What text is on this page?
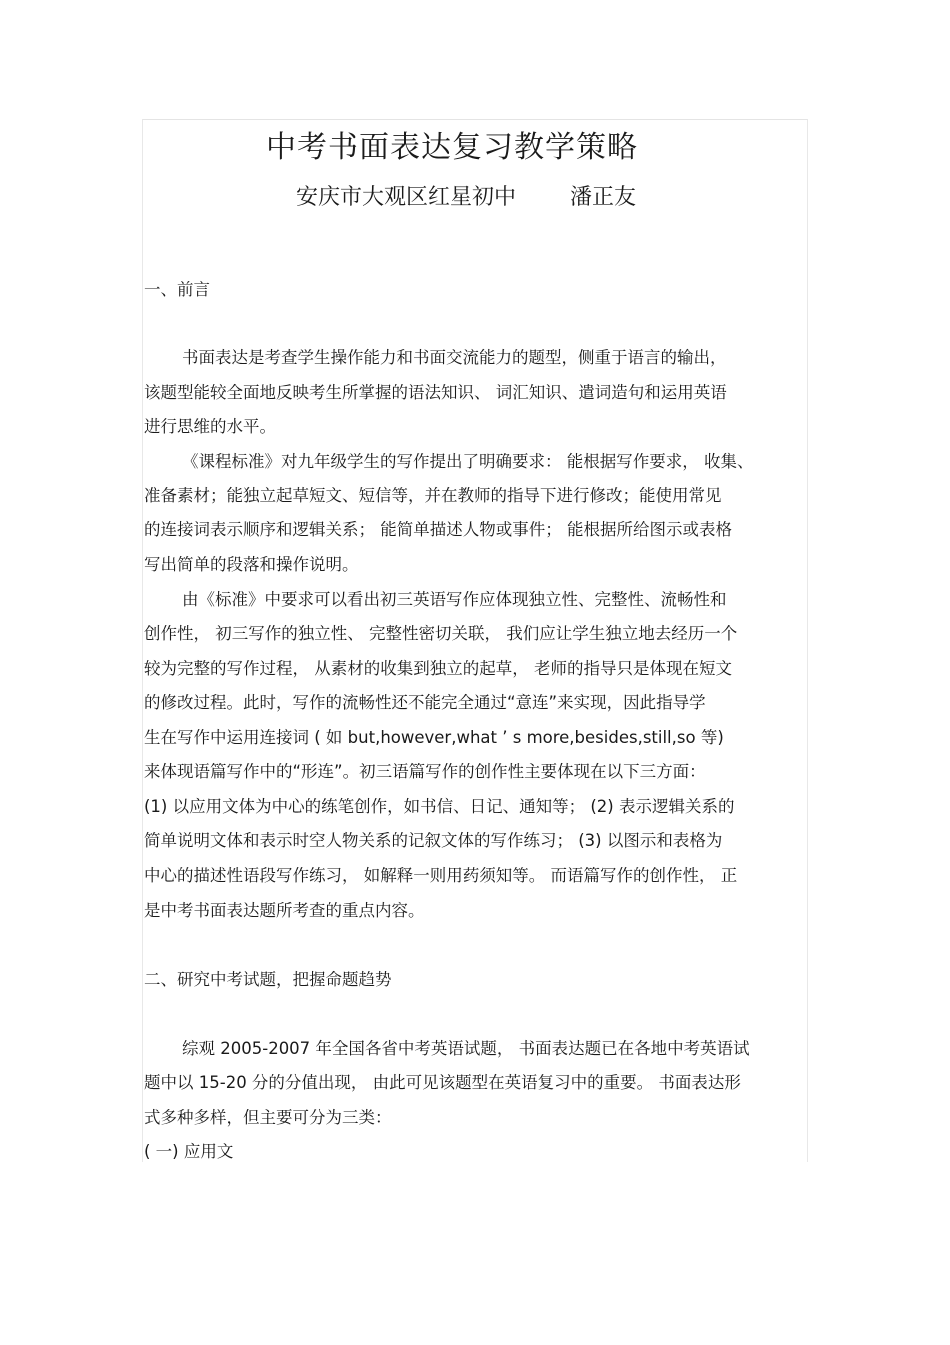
中考书面表达复习教学策略
安庆市大观区红星初中 潘正友
一、前言
书面表达是考查学生操作能力和书面交流能力的题型，侧重于语言的输出，
该题型能较全面地反映考生所掌握的语法知识、 词汇知识、遣词造句和运用英语
进行思维的水平。
《课程标准》对九年级学生的写作提出了明确要求： 能根据写作要求， 收集、
准备素材；能独立起草短文、短信等，并在教师的指导下进行修改；能使用常见
的连接词表示顺序和逻辑关系； 能简单描述人物或事件； 能根据所给图示或表格
写出简单的段落和操作说明。
由《标准》中要求可以看出初三英语写作应体现独立性、完整性、流畅性和
创作性， 初三写作的独立性、 完整性密切关联， 我们应让学生独立地去经历一个
较为完整的写作过程， 从素材的收集到独立的起草， 老师的指导只是体现在短文
的修改过程。此时，写作的流畅性还不能完全通过“意连”来实现，因此指导学
生在写作中运用连接词 ( 如 but,however,what ’ s more,besides,still,so 等)
来体现语篇写作中的“形连”。初三语篇写作的创作性主要体现在以下三方面：
(1) 以应用文体为中心的练笔创作，如书信、日记、通知等； (2) 表示逻辑关系的
简单说明文体和表示时空人物关系的记叙文体的写作练习； (3) 以图示和表格为
中心的描述性语段写作练习， 如解释一则用药须知等。 而语篇写作的创作性， 正
是中考书面表达题所考查的重点内容。
二、研究中考试题，把握命题趋势
综观 2005-2007 年全国各省中考英语试题， 书面表达题已在各地中考英语试
题中以 15-20 分的分值出现， 由此可见该题型在英语复习中的重要。 书面表达形
式多种多样，但主要可分为三类：
( 一) 应用文
